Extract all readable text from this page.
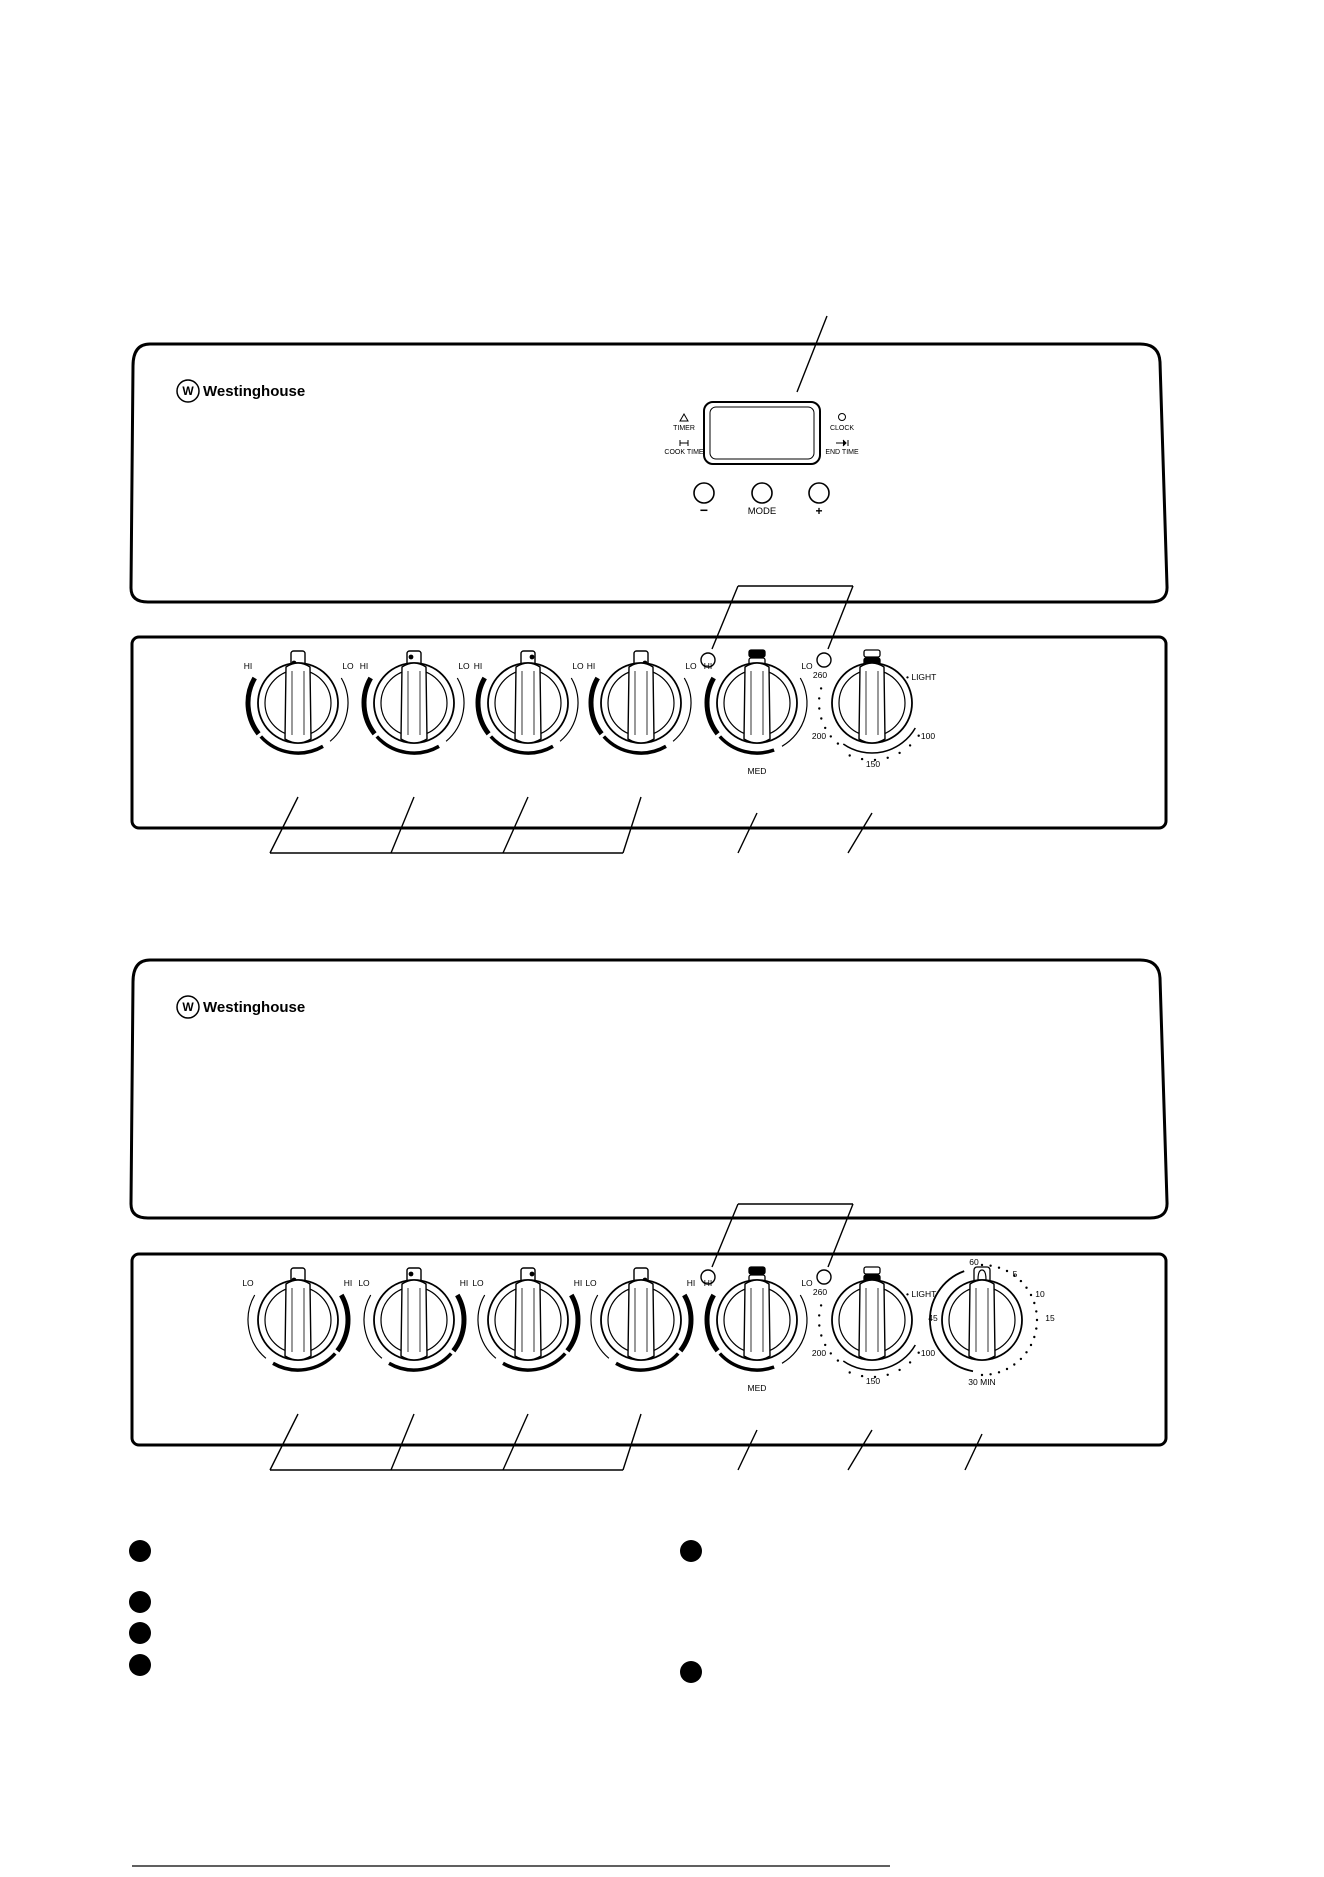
W Westinghouse
TIMER
COOK TIME
CLOCK
END TIME
−	MODE	+
W Westinghouse
HI	LO HI	LO HI	LO HI	LO HI	LO
MED
260
200
150
100
• LIGHT
LO	HI LO	HI LO	HI LO	HI HI	LO
MED
260
200
150
100
• LIGHT
60
5
10
15
45
30 MIN
